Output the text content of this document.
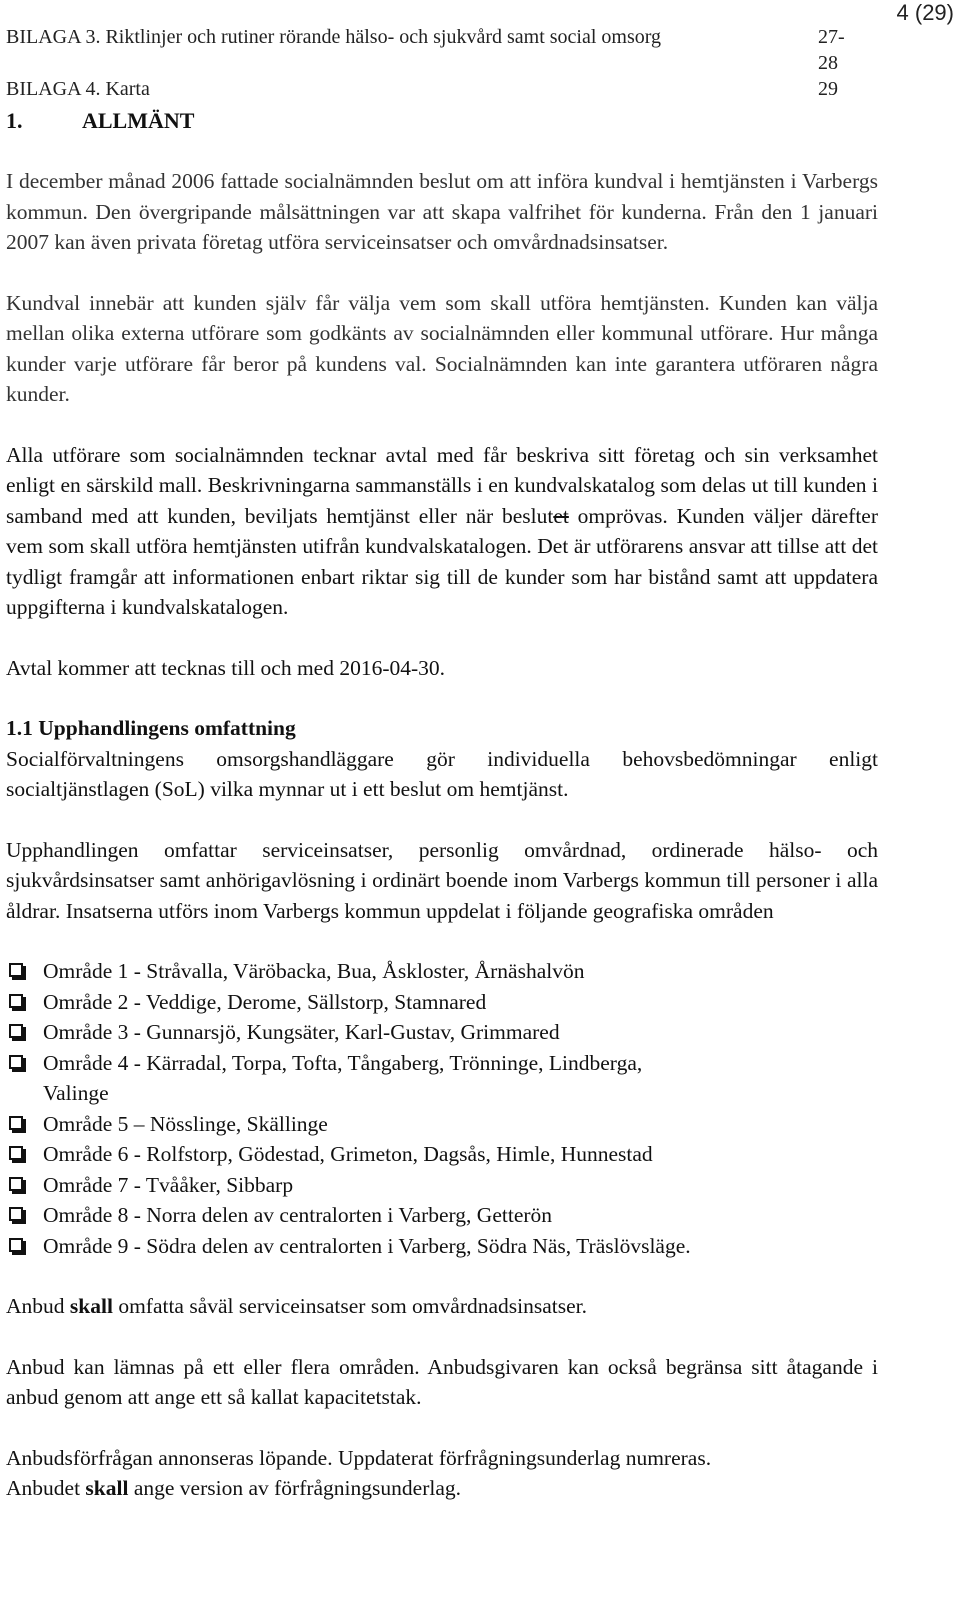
4 (29)
BILAGA 3. Riktlinjer och rutiner rörande hälso- och sjukvård samt social omsorg	27-28
BILAGA 4. Karta	29
1.	ALLMÄNT

I december månad 2006 fattade socialnämnden beslut om att införa kundval i hemtjänsten i Varbergs kommun. Den övergripande målsättningen var att skapa valfrihet för kunderna. Från den 1 januari 2007 kan även privata företag utföra serviceinsatser och omvårdnadsinsatser.

Kundval innebär att kunden själv får välja vem som skall utföra hemtjänsten. Kunden kan välja mellan olika externa utförare som godkänts av socialnämnden eller kommunal utförare. Hur många kunder varje utförare får beror på kundens val. Socialnämnden kan inte garantera utföraren några kunder.

Alla utförare som socialnämnden tecknar avtal med får beskriva sitt företag och sin verksamhet enligt en särskild mall. Beskrivningarna sammanställs i en kundvalskatalog som delas ut till kunden i samband med att kunden, beviljats hemtjänst eller när beslutet omprövas. Kunden väljer därefter vem som skall utföra hemtjänsten utifrån kundvalskatalogen. Det är utförarens ansvar att tillse att det tydligt framgår att informationen enbart riktar sig till de kunder som har bistånd samt att uppdatera uppgifterna i kundvalskatalogen.

Avtal kommer att tecknas till och med 2016-04-30.

1.1 Upphandlingens omfattning

Socialförvaltningens omsorgshandläggare gör individuella behovsbedömningar enligt socialtjänstlagen (SoL) vilka mynnar ut i ett beslut om hemtjänst.

Upphandlingen omfattar serviceinsatser, personlig omvårdnad, ordinerade hälso- och sjukvårdsinsatser samt anhörigavlösning i ordinärt boende inom Varbergs kommun till personer i alla åldrar. Insatserna utförs inom Varbergs kommun uppdelat i följande geografiska områden

Område 1 - Stråvalla, Väröbacka, Bua, Åskloster, Årnäshalvön
Område 2 - Veddige, Derome, Sällstorp, Stamnared
Område 3 - Gunnarsjö, Kungsäter, Karl-Gustav, Grimmared
Område 4 - Kärradal, Torpa, Tofta, Tångaberg, Trönninge, Lindberga,
Valinge
Område 5 – Nösslinge, Skällinge
Område 6 - Rolfstorp, Gödestad, Grimeton, Dagsås, Himle, Hunnestad
Område 7 - Tvååker, Sibbarp
Område 8 - Norra delen av centralorten i Varberg, Getterön
Område 9 - Södra delen av centralorten i Varberg, Södra Näs, Träslövsläge.

Anbud skall omfatta såväl serviceinsatser som omvårdnadsinsatser.

Anbud kan lämnas på ett eller flera områden. Anbudsgivaren kan också begränsa sitt åtagande i anbud genom att ange ett så kallat kapacitetstak.

Anbudsförfrågan annonseras löpande. Uppdaterat förfrågningsunderlag numreras.
Anbudet skall ange version av förfrågningsunderlag.
